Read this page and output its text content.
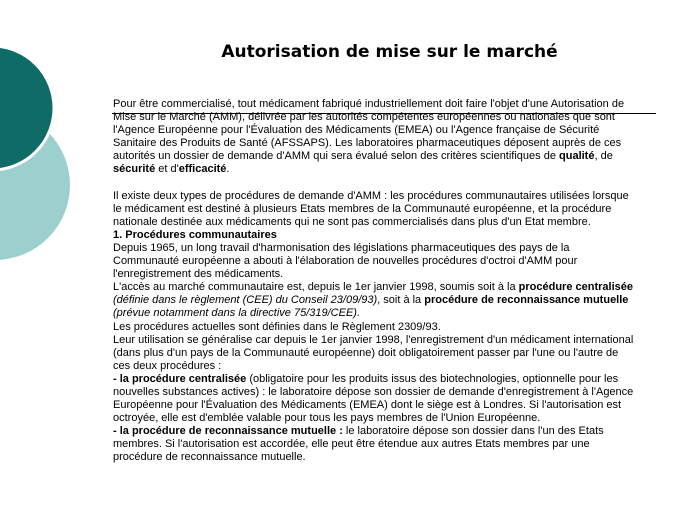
Autorisation de mise sur le marché

Pour être commercialisé, tout médicament fabriqué industriellement doit faire l'objet d'une Autorisation de Mise sur le Marché (AMM), délivrée par les autorités compétentes européennes ou nationales que sont l'Agence Européenne pour l'Évaluation des Médicaments (EMEA) ou l'Agence française de Sécurité Sanitaire des Produits de Santé (AFSSAPS). Les laboratoires pharmaceutiques déposent auprès de ces autorités un dossier de demande d'AMM qui sera évalué selon des critères scientifiques de qualité, de sécurité et d'efficacité.

Il existe deux types de procédures de demande d'AMM : les procédures communautaires utilisées lorsque le médicament est destiné à plusieurs Etats membres de la Communauté européenne, et la procédure nationale destinée aux médicaments qui ne sont pas commercialisés dans plus d'un Etat membre.

1. Procédures communautaires

Depuis 1965, un long travail d'harmonisation des législations pharmaceutiques des pays de la Communauté européenne a abouti à l'élaboration de nouvelles procédures d'octroi d'AMM pour l'enregistrement des médicaments.

L'accès au marché communautaire est, depuis le 1er janvier 1998, soumis soit à la procédure centralisée (définie dans le règlement (CEE) du Conseil 23/09/93), soit à la procédure de reconnaissance mutuelle (prévue notamment dans la directive 75/319/CEE).

Les procédures actuelles sont définies dans le Règlement 2309/93.

Leur utilisation se généralise car depuis le 1er janvier 1998, l'enregistrement d'un médicament international (dans plus d'un pays de la Communauté européenne) doit obligatoirement passer par l'une ou l'autre de ces deux procédures :

- la procédure centralisée (obligatoire pour les produits issus des biotechnologies, optionnelle pour les nouvelles substances actives) : le laboratoire dépose son dossier de demande d'enregistrement à l'Agence Européenne pour l'Évaluation des Médicaments (EMEA) dont le siège est à Londres. Si l'autorisation est octroyée, elle est d'emblée valable pour tous les pays membres de l'Union Européenne.

- la procédure de reconnaissance mutuelle : le laboratoire dépose son dossier dans l'un des Etats membres. Si l'autorisation est accordée, elle peut être étendue aux autres Etats membres par une procédure de reconnaissance mutuelle.
